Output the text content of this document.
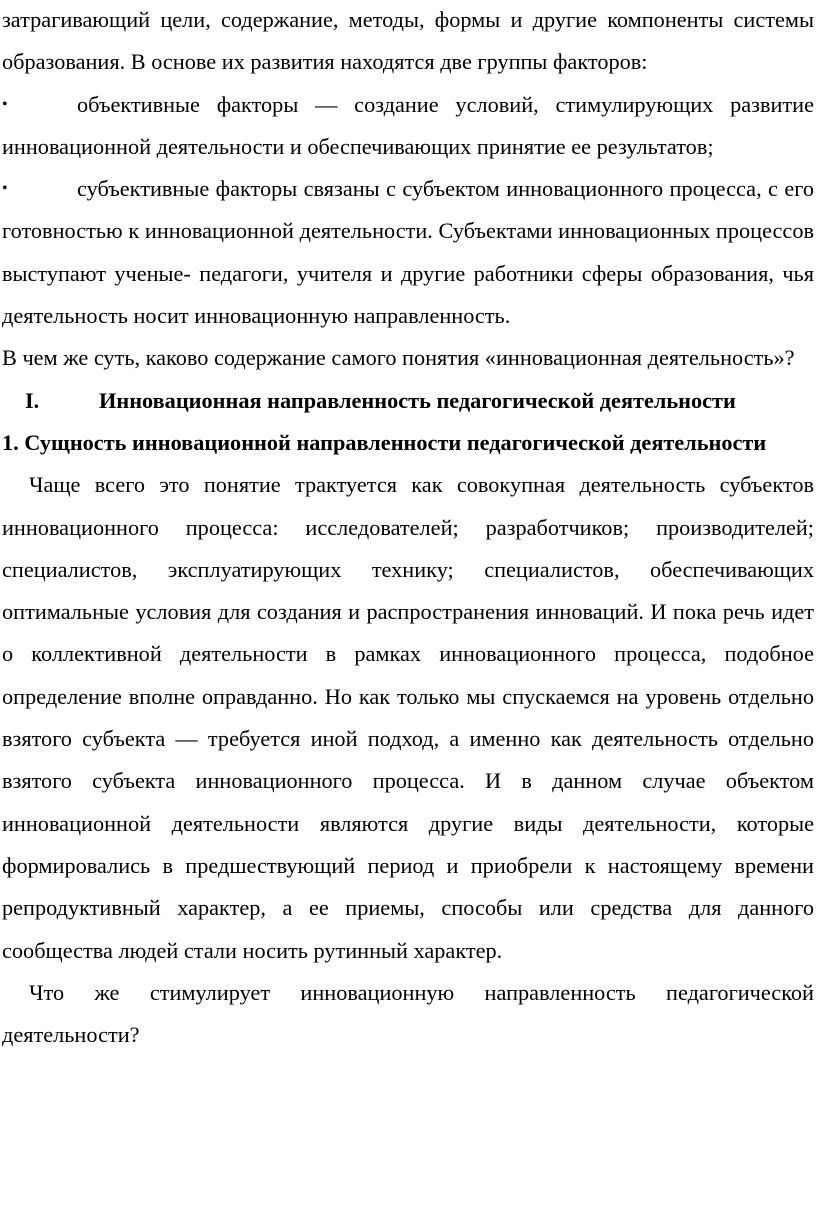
затрагивающий цели, содержание, методы, формы и другие компоненты системы образования. В основе их развития находятся две группы факторов:

•	объективные факторы — создание условий, стимулирующих развитие инновационной деятельности и обеспечивающих принятие ее результатов;

•	субъективные факторы связаны с субъектом инновационного процесса, с его готовностью к инновационной деятельности. Субъектами инновационных процессов выступают ученые- педагоги, учителя и другие работники сферы образования, чья деятельность носит инновационную направленность.

В чем же суть, каково содержание самого понятия «инновационная деятельность»?

I.	Инновационная направленность педагогической деятельности

1. Сущность инновационной направленности педагогической деятельности

Чаще всего это понятие трактуется как совокупная деятельность субъектов инновационного процесса: исследователей; разработчиков; производителей; специалистов, эксплуатирующих технику; специалистов, обеспечивающих оптимальные условия для создания и распространения инноваций. И пока речь идет о коллективной деятельности в рамках инновационного процесса, подобное определение вполне оправданно. Но как только мы спускаемся на уровень отдельно взятого субъекта — требуется иной подход, а именно как деятельность отдельно взятого субъекта инновационного процесса. И в данном случае объектом инновационной деятельности являются другие виды деятельности, которые формировались в предшествующий период и приобрели к настоящему времени репродуктивный характер, а ее приемы, способы или средства для данного сообщества людей стали носить рутинный характер.

Что же стимулирует инновационную направленность педагогической деятельности?
